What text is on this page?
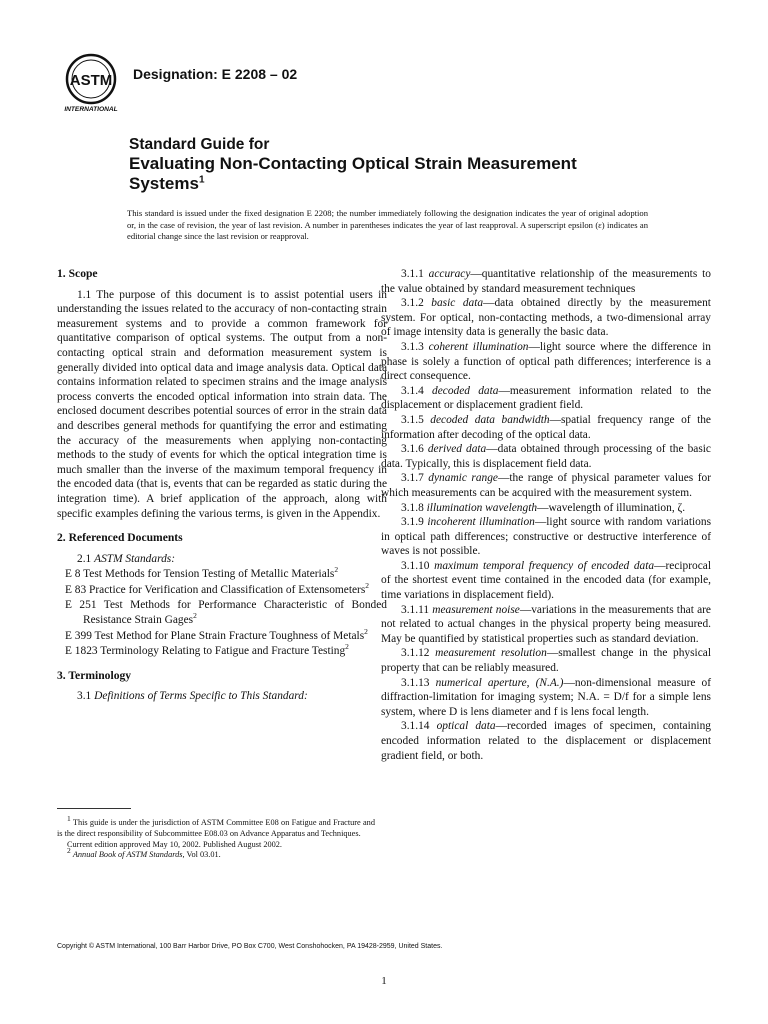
ASTM
INTERNATIONAL
Designation: E 2208 – 02
Standard Guide for
Evaluating Non-Contacting Optical Strain Measurement
Systems$^1$
This standard is issued under the fixed designation E 2208; the number immediately following the designation indicates the year of original adoption or, in the case of revision, the year of last revision. A number in parentheses indicates the year of last reapproval. A superscript epsilon (ε) indicates an editorial change since the last revision or reapproval.
1. Scope

1.1 The purpose of this document is to assist potential users in understanding the issues related to the accuracy of non-contacting strain measurement systems and to provide a common framework for quantitative comparison of optical systems. The output from a non-contacting optical strain and deformation measurement system is generally divided into optical data and image analysis data. Optical data contains information related to specimen strains and the image analysis process converts the encoded optical information into strain data. The enclosed document describes potential sources of error in the strain data and describes general methods for quantifying the error and estimating the accuracy of the measurements when applying non-contacting methods to the study of events for which the optical integration time is much smaller than the inverse of the maximum temporal frequency in the encoded data (that is, events that can be regarded as static during the integration time). A brief application of the approach, along with specific examples defining the various terms, is given in the Appendix.

2. Referenced Documents

2.1 ASTM Standards:

E 8 Test Methods for Tension Testing of Metallic Materials$^2$

E 83 Practice for Verification and Classification of Extensometers$^2$

E 251 Test Methods for Performance Characteristic of Bonded Resistance Strain Gages$^2$

E 399 Test Method for Plane Strain Fracture Toughness of Metals$^2$

E 1823 Terminology Relating to Fatigue and Fracture Testing$^2$

3. Terminology

3.1 Definitions of Terms Specific to This Standard:

3.1.1 accuracy—quantitative relationship of the measurements to the value obtained by standard measurement techniques

3.1.2 basic data—data obtained directly by the measurement system. For optical, non-contacting methods, a two-dimensional array of image intensity data is generally the basic data.

3.1.3 coherent illumination—light source where the difference in phase is solely a function of optical path differences; interference is a direct consequence.

3.1.4 decoded data—measurement information related to the displacement or displacement gradient field.

3.1.5 decoded data bandwidth—spatial frequency range of the information after decoding of the optical data.

3.1.6 derived data—data obtained through processing of the basic data. Typically, this is displacement field data.

3.1.7 dynamic range—the range of physical parameter values for which measurements can be acquired with the measurement system.

3.1.8 illumination wavelength—wavelength of illumination, ζ.

3.1.9 incoherent illumination—light source with random variations in optical path differences; constructive or destructive interference of waves is not possible.

3.1.10 maximum temporal frequency of encoded data—reciprocal of the shortest event time contained in the encoded data (for example, time variations in displacement field).

3.1.11 measurement noise—variations in the measurements that are not related to actual changes in the physical property being measured. May be quantified by statistical properties such as standard deviation.

3.1.12 measurement resolution—smallest change in the physical property that can be reliably measured.

3.1.13 numerical aperture, (N.A.)—non-dimensional measure of diffraction-limitation for imaging system; N.A. = D/f for a simple lens system, where D is lens diameter and f is lens focal length.

3.1.14 optical data—recorded images of specimen, containing encoded information related to the displacement or displacement gradient field, or both.

$^1$ This guide is under the jurisdiction of ASTM Committee E08 on Fatigue and Fracture and is the direct responsibility of Subcommittee E08.03 on Advance Apparatus and Techniques.

Current edition approved May 10, 2002. Published August 2002.

$^2$ Annual Book of ASTM Standards, Vol 03.01.

Copyright © ASTM International, 100 Barr Harbor Drive, PO Box C700, West Conshohocken, PA 19428-2959, United States.
1
